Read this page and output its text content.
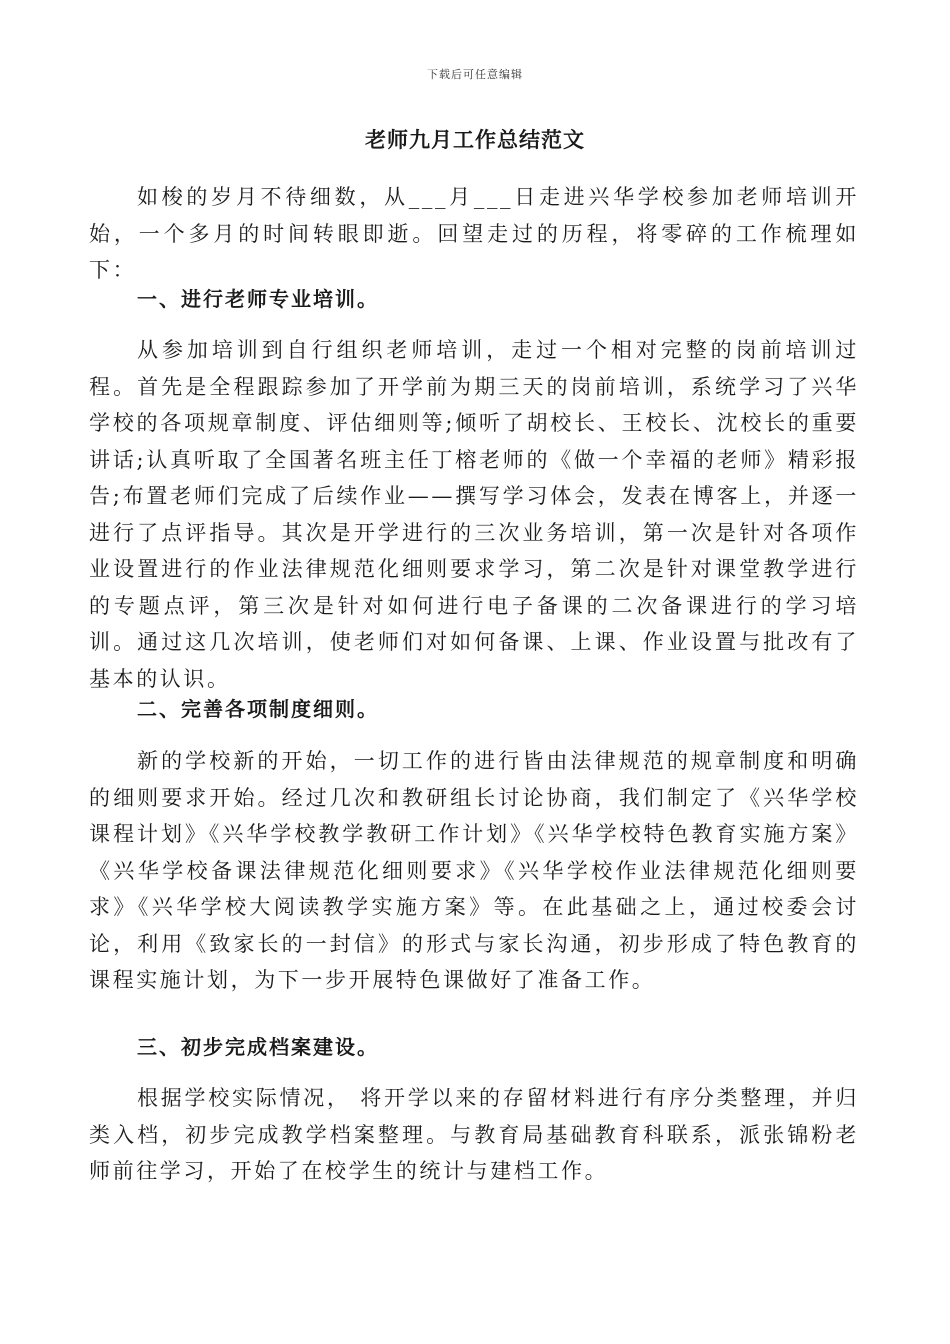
下载后可任意编辑
老师九月工作总结范文

如梭的岁月不待细数，从___月___日走进兴华学校参加老师培训开始，一个多月的时间转眼即逝。回望走过的历程，将零碎的工作梳理如下：

一、进行老师专业培训。

从参加培训到自行组织老师培训，走过一个相对完整的岗前培训过程。首先是全程跟踪参加了开学前为期三天的岗前培训，系统学习了兴华学校的各项规章制度、评估细则等;倾听了胡校长、王校长、沈校长的重要讲话;认真听取了全国著名班主任丁榕老师的《做一个幸福的老师》精彩报告;布置老师们完成了后续作业——撰写学习体会，发表在博客上，并逐一进行了点评指导。其次是开学进行的三次业务培训，第一次是针对各项作业设置进行的作业法律规范化细则要求学习，第二次是针对课堂教学进行的专题点评，第三次是针对如何进行电子备课的二次备课进行的学习培训。通过这几次培训，使老师们对如何备课、上课、作业设置与批改有了基本的认识。

二、完善各项制度细则。

新的学校新的开始，一切工作的进行皆由法律规范的规章制度和明确的细则要求开始。经过几次和教研组长讨论协商，我们制定了《兴华学校课程计划》《兴华学校教学教研工作计划》《兴华学校特色教育实施方案》《兴华学校备课法律规范化细则要求》《兴华学校作业法律规范化细则要求》《兴华学校大阅读教学实施方案》等。在此基础之上，通过校委会讨论，利用《致家长的一封信》的形式与家长沟通，初步形成了特色教育的课程实施计划，为下一步开展特色课做好了准备工作。

三、初步完成档案建设。

根据学校实际情况， 将开学以来的存留材料进行有序分类整理，并归类入档，初步完成教学档案整理。与教育局基础教育科联系，派张锦粉老师前往学习，开始了在校学生的统计与建档工作。
